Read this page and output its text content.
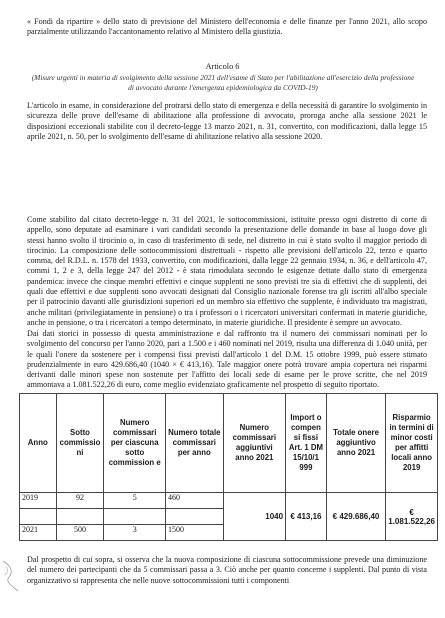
« Fondi da ripartire » dello stato di previsione del Ministero dell'economia e delle finanze per l'anno 2021, allo scopo parzialmente utilizzando l'accantonamento relativo al Ministero della giustizia.

Articolo 6

(Misure urgenti in materia di svolgimento della sessione 2021 dell'esame di Stato per l'abilitazione all'esercizio della professione di avvocato durante l'emergenza epidemiologica da COVID-19)

L'articolo in esame, in considerazione del protrarsi dello stato di emergenza e della necessità di garantire lo svolgimento in sicurezza delle prove dell'esame di abilitazione alla professione di avvocato, proroga anche alla sessione 2021 le disposizioni eccezionali stabilite con il decreto-legge 13 marzo 2021, n. 31, convertito, con modificazioni, dalla legge 15 aprile 2021, n. 50, per lo svolgimento dell'esame di abilitazione relativo alla sessione 2020.

Come stabilito dal citato decreto-legge n. 31 del 2021, le sottocommissioni, istituite presso ogni distretto di corte di appello, sono deputate ad esaminare i vari candidati secondo la presentazione delle domande in base al luogo dove gli stessi hanno svolto il tirocinio o, in caso di trasferimento di sede, nel distretto in cui è stato svolto il maggior periodo di tirocinio. La composizione delle sottocommissioni distrettuali - rispetto alle previsioni dell'articolo 22, terzo e quarto comma, del R.D.L. n. 1578 del 1933, convertito, con modificazioni, dalla legge 22 gennaio 1934, n. 36, e dell'articolo 47, commi 1, 2 e 3, della legge 247 del 2012 - è stata rimodulata secondo le esigenze dettate dallo stato di emergenza pandemica: invece che cinque membri effettivi e cinque supplenti ne sono previsti tre sia di effettivi che di supplenti, dei quali due effettivi e due supplenti sono avvocati designati dal Consiglio nazionale forense tra gli iscritti all'albo speciale per il patrocinio davanti alle giurisdizioni superiori ed un membro sia effettivo che supplente, è individuato tra magistrati, anche militari (privilegiatamente in pensione) o tra i professori o i ricercatori universitari confermati in materie giuridiche, anche in pensione, o tra i ricercatori a tempo determinato, in materie giuridiche. Il presidente è sempre un avvocato.

Dai dati storici in possesso di questa amministrazione e dal raffronto tra il numero dei commissari nominati per lo svolgimento del concorso per l'anno 2020, pari a 1.500 e i 460 nominati nel 2019, risulta una differenza di 1.040 unità, per le quali l'onere da sostenere per i compensi fissi previsti dall'articolo 1 del D.M. 15 ottobre 1999, può essere stimato prudenzialmente in euro 429.686,40 (1040 × € 413,16). Tale maggior onere potrà trovare ampia copertura nei risparmi derivanti dalle minori spese non sostenute per l'affitto dei locali sede di esame per le prove scritte, che nel 2019 ammontava a 1.081.522,26 di euro, come meglio evidenziato graficamente nel prospetto di seguito riportato.

Anno	Sotto commissio ni	Numero commissari per ciascuna sotto commission e	Numero totale commissari per anno	Numero commissari aggiuntivi anno 2021	Import o compen si fissi Art. 1 DM 15/10/1 999	Totale onere aggiuntivo anno 2021	Risparmio in termini di minor costi per affitti locali anno 2019
2019	92	5	460	1040	€ 413,16	€ 429.686,40	€ 1.081.522,26

2021	500	3	1500				

Dal prospetto di cui sopra, si osserva che la nuova composizione di ciascuna sottocommissione prevede una diminuzione del numero dei partecipanti che da 5 commissari passa a 3. Ciò anche per quanto concerne i supplenti. Dal punto di vista organizzativo si rappresenta che nelle nuove sottocommissioni tutti i componenti
